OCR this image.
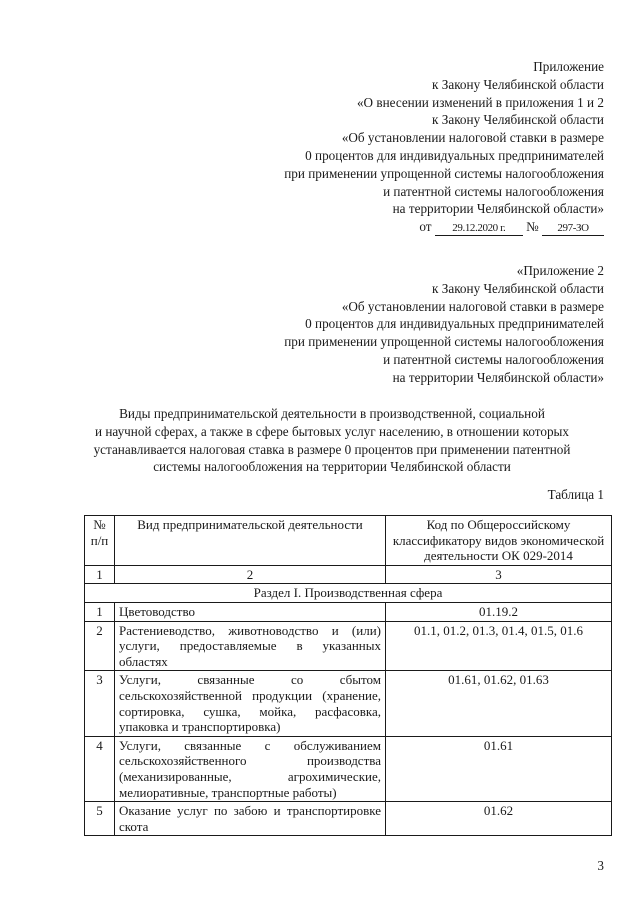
Приложение
к Закону Челябинской области
«О внесении изменений в приложения 1 и 2
к Закону Челябинской области
«Об установлении налоговой ставки в размере
0 процентов для индивидуальных предпринимателей
при применении упрощенной системы налогообложения
и патентной системы налогообложения
на территории Челябинской области»
от 29.12.2020 г. № 297-ЗО
«Приложение 2
к Закону Челябинской области
«Об установлении налоговой ставки в размере
0 процентов для индивидуальных предпринимателей
при применении упрощенной системы налогообложения
и патентной системы налогообложения
на территории Челябинской области»
Виды предпринимательской деятельности в производственной, социальной
и научной сферах, а также в сфере бытовых услуг населению, в отношении которых
устанавливается налоговая ставка в размере 0 процентов при применении патентной
системы налогообложения на территории Челябинской области
Таблица 1
№ п/п	Вид предпринимательской деятельности	Код по Общероссийскому классификатору видов экономической деятельности ОК 029-2014
1	2	3
Раздел I. Производственная сфера		
1	Цветоводство	01.19.2
2	Растениеводство, животноводство и (или) услуги, предоставляемые в указанных областях	01.1, 01.2, 01.3, 01.4, 01.5, 01.6
3	Услуги, связанные со сбытом сельскохозяйственной продукции (хранение, сортировка, сушка, мойка, расфасовка, упаковка и транспортировка)	01.61, 01.62, 01.63
4	Услуги, связанные с обслуживанием сельскохозяйственного производства (механизированные, агрохимические, мелиоративные, транспортные работы)	01.61
5	Оказание услуг по забою и транспортировке скота	01.62
3
